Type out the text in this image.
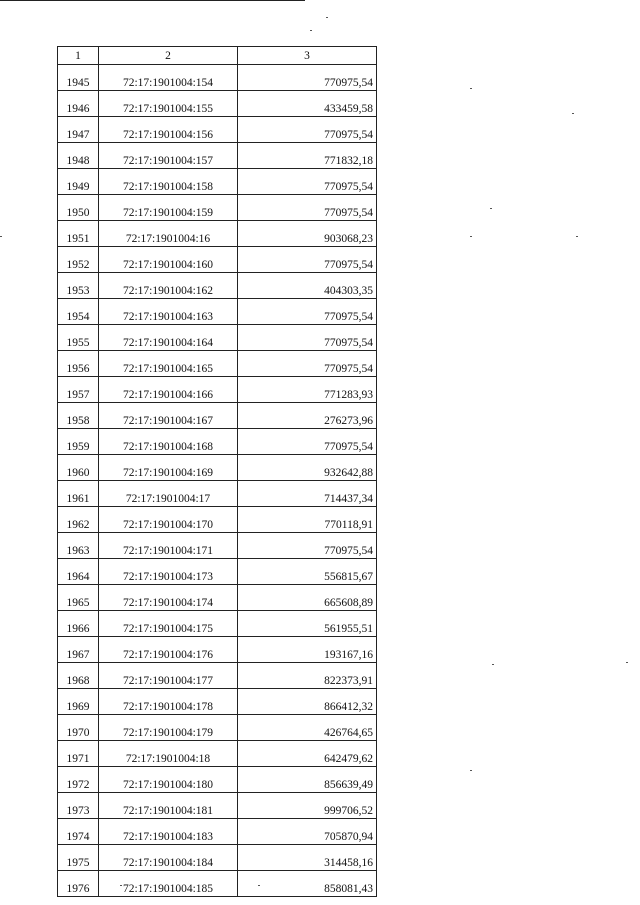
1	2	3
1945	72:17:1901004:154	770975,54
1946	72:17:1901004:155	433459,58
1947	72:17:1901004:156	770975,54
1948	72:17:1901004:157	771832,18
1949	72:17:1901004:158	770975,54
1950	72:17:1901004:159	770975,54
1951	72:17:1901004:16	903068,23
1952	72:17:1901004:160	770975,54
1953	72:17:1901004:162	404303,35
1954	72:17:1901004:163	770975,54
1955	72:17:1901004:164	770975,54
1956	72:17:1901004:165	770975,54
1957	72:17:1901004:166	771283,93
1958	72:17:1901004:167	276273,96
1959	72:17:1901004:168	770975,54
1960	72:17:1901004:169	932642,88
1961	72:17:1901004:17	714437,34
1962	72:17:1901004:170	770118,91
1963	72:17:1901004:171	770975,54
1964	72:17:1901004:173	556815,67
1965	72:17:1901004:174	665608,89
1966	72:17:1901004:175	561955,51
1967	72:17:1901004:176	193167,16
1968	72:17:1901004:177	822373,91
1969	72:17:1901004:178	866412,32
1970	72:17:1901004:179	426764,65
1971	72:17:1901004:18	642479,62
1972	72:17:1901004:180	856639,49
1973	72:17:1901004:181	999706,52
1974	72:17:1901004:183	705870,94
1975	72:17:1901004:184	314458,16
1976	72:17:1901004:185	858081,43
